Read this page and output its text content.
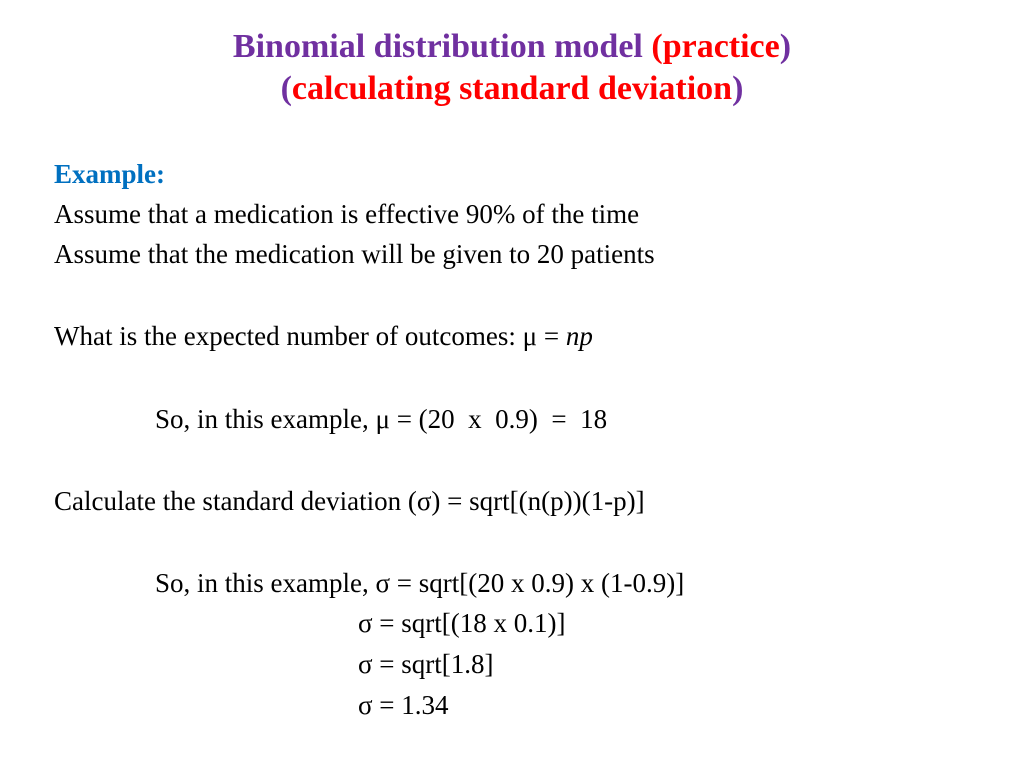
Binomial distribution model (practice)
(calculating standard deviation)
Example:
Assume that a medication is effective 90% of the time
Assume that the medication will be given to 20 patients
What is the expected number of outcomes: μ = np
So, in this example, μ = (20  x  0.9)  =  18
Calculate the standard deviation (σ) = sqrt[(n(p))(1-p)]
So, in this example, σ = sqrt[(20 x 0.9) x (1-0.9)]
σ = sqrt[(18 x 0.1)]
σ = sqrt[1.8]
σ = 1.34
